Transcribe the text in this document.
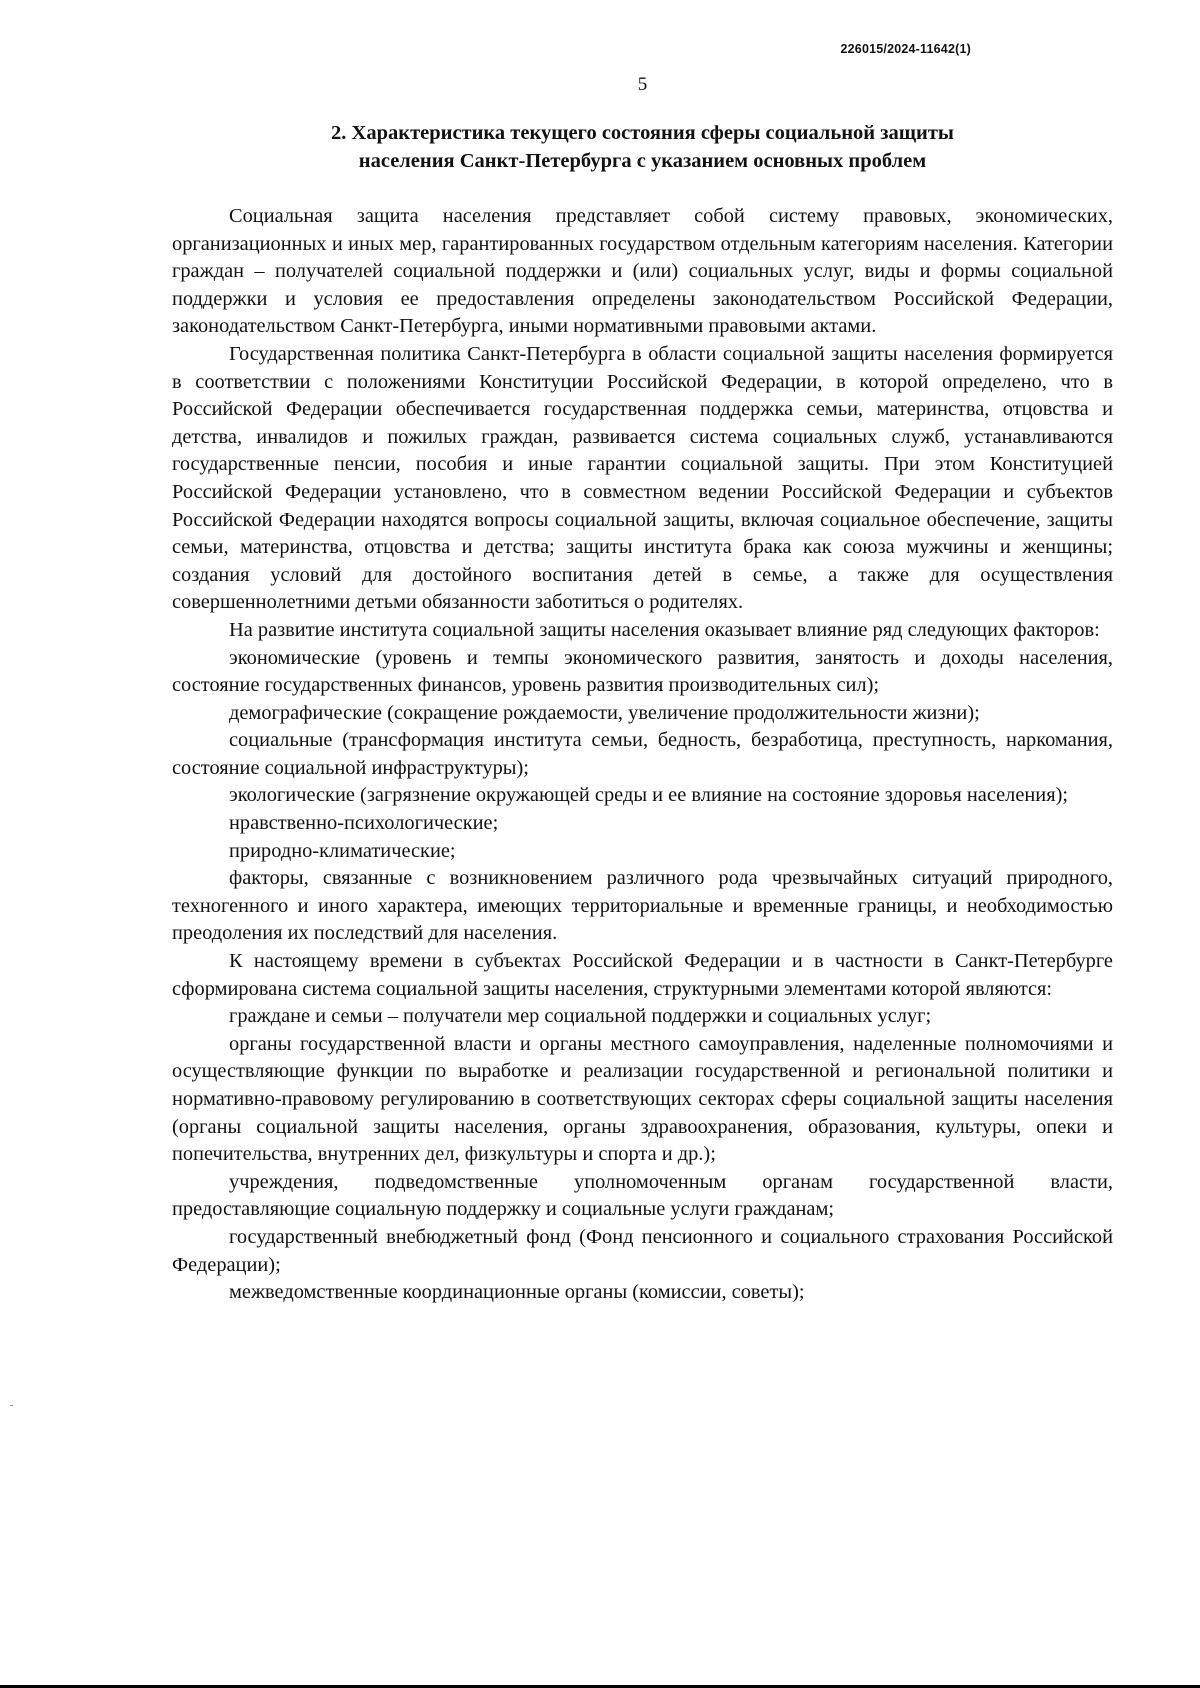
226015/2024-11642(1)
5
2. Характеристика текущего состояния сферы социальной защиты
населения Санкт-Петербурга с указанием основных проблем

Социальная защита населения представляет собой систему правовых, экономических, организационных и иных мер, гарантированных государством отдельным категориям населения. Категории граждан – получателей социальной поддержки и (или) социальных услуг, виды и формы социальной поддержки и условия ее предоставления определены законодательством Российской Федерации, законодательством Санкт-Петербурга, иными нормативными правовыми актами.

Государственная политика Санкт-Петербурга в области социальной защиты населения формируется в соответствии с положениями Конституции Российской Федерации, в которой определено, что в Российской Федерации обеспечивается государственная поддержка семьи, материнства, отцовства и детства, инвалидов и пожилых граждан, развивается система социальных служб, устанавливаются государственные пенсии, пособия и иные гарантии социальной защиты. При этом Конституцией Российской Федерации установлено, что в совместном ведении Российской Федерации и субъектов Российской Федерации находятся вопросы социальной защиты, включая социальное обеспечение, защиты семьи, материнства, отцовства и детства; защиты института брака как союза мужчины и женщины; создания условий для достойного воспитания детей в семье, а также для осуществления совершеннолетними детьми обязанности заботиться о родителях.

На развитие института социальной защиты населения оказывает влияние ряд следующих факторов:

экономические (уровень и темпы экономического развития, занятость и доходы населения, состояние государственных финансов, уровень развития производительных сил);

демографические (сокращение рождаемости, увеличение продолжительности жизни);

социальные (трансформация института семьи, бедность, безработица, преступность, наркомания, состояние социальной инфраструктуры);

экологические (загрязнение окружающей среды и ее влияние на состояние здоровья населения);

нравственно-психологические;

природно-климатические;

факторы, связанные с возникновением различного рода чрезвычайных ситуаций природного, техногенного и иного характера, имеющих территориальные и временные границы, и необходимостью преодоления их последствий для населения.

К настоящему времени в субъектах Российской Федерации и в частности в Санкт-Петербурге сформирована система социальной защиты населения, структурными элементами которой являются:

граждане и семьи – получатели мер социальной поддержки и социальных услуг;

органы государственной власти и органы местного самоуправления, наделенные полномочиями и осуществляющие функции по выработке и реализации государственной и региональной политики и нормативно-правовому регулированию в соответствующих секторах сферы социальной защиты населения (органы социальной защиты населения, органы здравоохранения, образования, культуры, опеки и попечительства, внутренних дел, физкультуры и спорта и др.);

учреждения, подведомственные уполномоченным органам государственной власти, предоставляющие социальную поддержку и социальные услуги гражданам;

государственный внебюджетный фонд (Фонд пенсионного и социального страхования Российской Федерации);

межведомственные координационные органы (комиссии, советы);
